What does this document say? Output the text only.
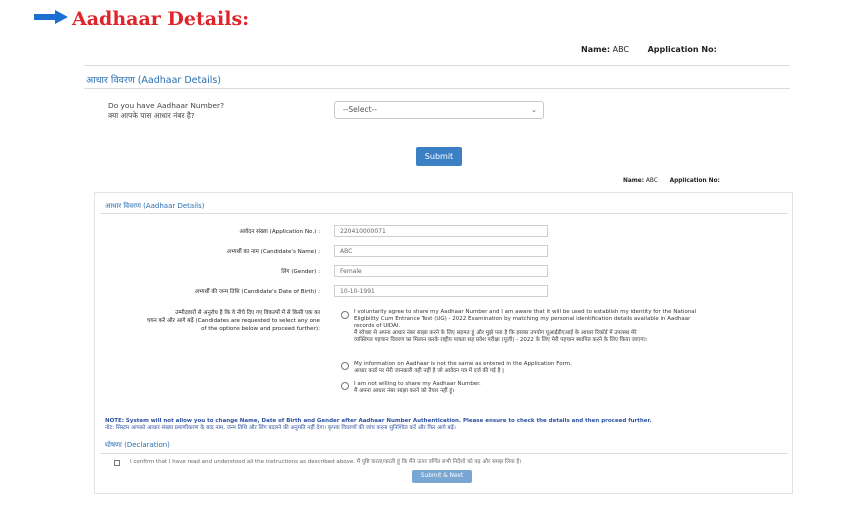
Aadhaar Details:
Name: ABC Application No:
आधार विवरण (Aadhaar Details)
Do you have Aadhaar Number?
क्या आपके पास आधार नंबर है?
--Select--	⌄
Submit
Name: ABC Application No:
आधार विवरण (Aadhaar Details)
आवेदन संख्या (Application No.) :	220410000071
अभ्यर्थी का नाम (Candidate's Name) :	ABC
लिंग (Gender) :	Female
अभ्यर्थी की जन्म तिथि (Candidate's Date of Birth) :	10-10-1991
उम्मीदवारों से अनुरोध है कि वे नीचे दिए गए विकल्पों में से किसी एक का
चयन करें और आगे बढ़ें (Candidates are requested to select any one
of the options below and proceed further):
I voluntarily agree to share my Aadhaar Number and I am aware that it will be used to establish my identity for the National
Eligibility Cum Entrance Test (UG) - 2022 Examination by matching my personal identification details available in Aadhaar
records of UIDAI.
मैं स्वेच्छा से अपना आधार नंबर साझा करने के लिए सहमत हूं और मुझे पता है कि इसका उपयोग यूआईडीएआई के आधार रिकॉर्ड में उपलब्ध मेरे
व्यक्तिगत पहचान विवरण का मिलान करके राष्ट्रीय पात्रता सह प्रवेश परीक्षा (यूजी) - 2022 के लिए मेरी पहचान स्थापित करने के लिए किया जाएगा।
My information on Aadhaar is not the same as entered in the Application Form.
आधार कार्ड पर मेरी जानकारी वही नहीं है जो आवेदन पत्र में दर्ज की गई है |
I am not willing to share my Aadhaar Number.
मैं अपना आधार नंबर साझा करने को तैयार नहीं हूं।
NOTE: System will not allow you to change Name, Date of Birth and Gender after Aadhaar Number Authentication. Please ensure to check the details and then proceed further.
नोट: सिस्टम आपको आधार संख्या प्रमाणीकरण के बाद नाम, जन्म तिथि और लिंग बदलने की अनुमति नहीं देगा। कृपया विवरणों की जांच करना सुनिश्चित करें और फिर आगे बढ़ें।
घोषणा (Declaration)
I confirm that I have read and understood all the instructions as described above. मैं पुष्टि करता/करती हूं कि मैंने ऊपर वर्णित सभी निर्देशों को पढ़ और समझ लिया है।
Submit & Next
